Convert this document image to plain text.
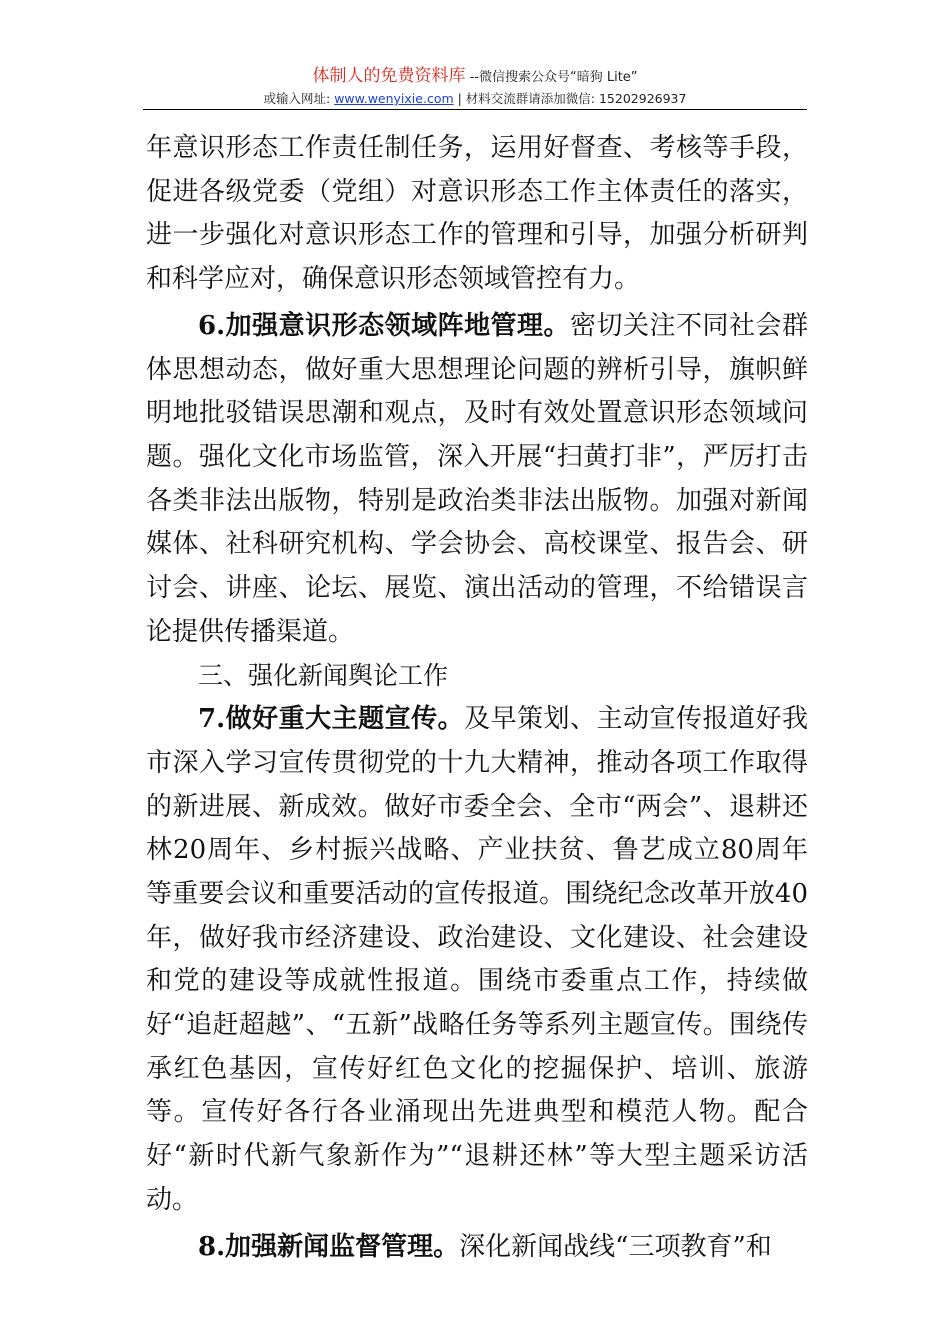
体制人的免费资料库 --微信搜索公众号“暗狗 Lite”
或输入网址: www.wenyixie.com | 材料交流群请添加微信: 15202926937

年意识形态工作责任制任务，运用好督查、考核等手段，促进各级党委（党组）对意识形态工作主体责任的落实，进一步强化对意识形态工作的管理和引导，加强分析研判和科学应对，确保意识形态领域管控有力。

6.加强意识形态领域阵地管理。密切关注不同社会群体思想动态，做好重大思想理论问题的辨析引导，旗帜鲜明地批驳错误思潮和观点，及时有效处置意识形态领域问题。强化文化市场监管，深入开展“扫黄打非”，严厉打击各类非法出版物，特别是政治类非法出版物。加强对新闻媒体、社科研究机构、学会协会、高校课堂、报告会、研讨会、讲座、论坛、展览、演出活动的管理，不给错误言论提供传播渠道。

三、强化新闻舆论工作

7.做好重大主题宣传。及早策划、主动宣传报道好我市深入学习宣传贯彻党的十九大精神，推动各项工作取得的新进展、新成效。做好市委全会、全市“两会”、退耕还林20周年、乡村振兴战略、产业扶贫、鲁艺成立80周年等重要会议和重要活动的宣传报道。围绕纪念改革开放40年，做好我市经济建设、政治建设、文化建设、社会建设和党的建设等成就性报道。围绕市委重点工作，持续做好“追赶超越”、“五新”战略任务等系列主题宣传。围绕传承红色基因，宣传好红色文化的挖掘保护、培训、旅游等。宣传好各行各业涌现出先进典型和模范人物。配合好“新时代新气象新作为”“退耕还林”等大型主题采访活动。

8.加强新闻监督管理。深化新闻战线“三项教育”和
